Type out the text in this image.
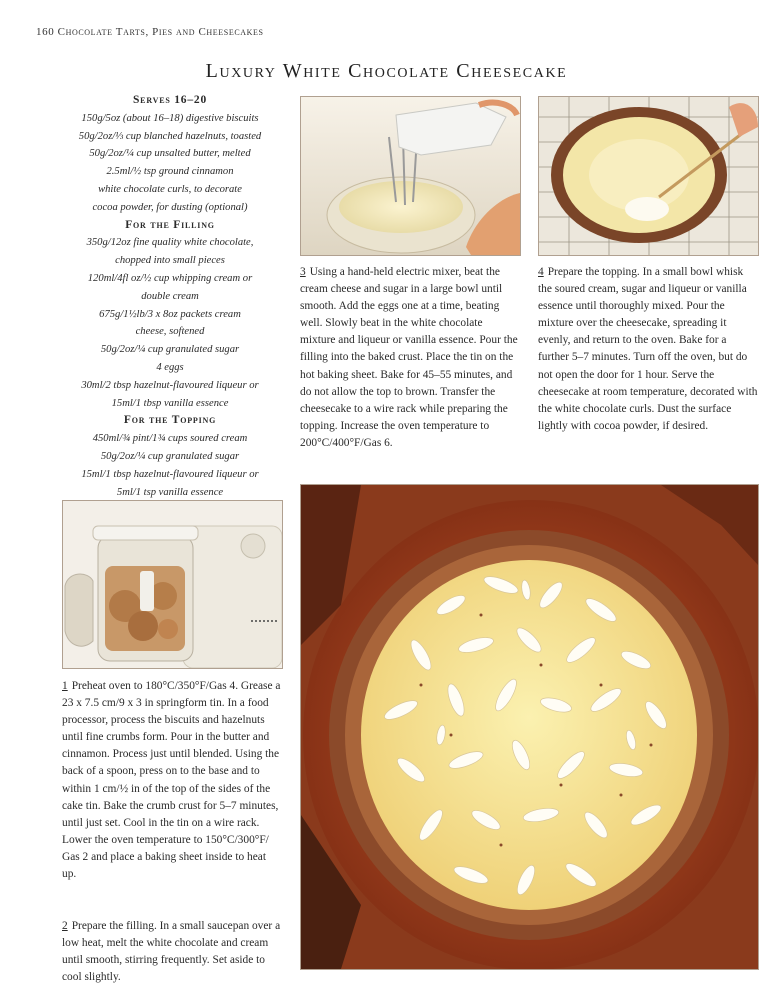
160 Chocolate Tarts, Pies and Cheesecakes
Luxury White Chocolate Cheesecake
Serves 16–20
150g/5oz (about 16–18) digestive biscuits
50g/2oz/⅓ cup blanched hazelnuts, toasted
50g/2oz/¼ cup unsalted butter, melted
2.5ml/½ tsp ground cinnamon
white chocolate curls, to decorate
cocoa powder, for dusting (optional)
For the Filling
350g/12oz fine quality white chocolate,
chopped into small pieces
120ml/4fl oz/½ cup whipping cream or
double cream
675g/1½lb/3 x 8oz packets cream
cheese, softened
50g/2oz/¼ cup granulated sugar
4 eggs
30ml/2 tbsp hazelnut-flavoured liqueur or
15ml/1 tbsp vanilla essence
For the Topping
450ml/¾ pint/1¾ cups soured cream
50g/2oz/¼ cup granulated sugar
15ml/1 tbsp hazelnut-flavoured liqueur or
5ml/1 tsp vanilla essence
3 Using a hand-held electric mixer, beat the cream cheese and sugar in a large bowl until smooth. Add the eggs one at a time, beating well. Slowly beat in the white chocolate mixture and liqueur or vanilla essence. Pour the filling into the baked crust. Place the tin on the hot baking sheet. Bake for 45–55 minutes, and do not allow the top to brown. Transfer the cheesecake to a wire rack while preparing the topping. Increase the oven temperature to 200°C/400°F/Gas 6.
4 Prepare the topping. In a small bowl whisk the soured cream, sugar and liqueur or vanilla essence until thoroughly mixed. Pour the mixture over the cheesecake, spreading it evenly, and return to the oven. Bake for a further 5–7 minutes. Turn off the oven, but do not open the door for 1 hour. Serve the cheesecake at room temperature, decorated with the white chocolate curls. Dust the surface lightly with cocoa powder, if desired.
1 Preheat oven to 180°C/350°F/Gas 4. Grease a 23 x 7.5 cm/9 x 3 in springform tin. In a food processor, process the biscuits and hazelnuts until fine crumbs form. Pour in the butter and cinnamon. Process just until blended. Using the back of a spoon, press on to the base and to within 1 cm/½ in of the top of the sides of the cake tin. Bake the crumb crust for 5–7 minutes, until just set. Cool in the tin on a wire rack. Lower the oven temperature to 150°C/300°F/ Gas 2 and place a baking sheet inside to heat up.
2 Prepare the filling. In a small saucepan over a low heat, melt the white chocolate and cream until smooth, stirring frequently. Set aside to cool slightly.
